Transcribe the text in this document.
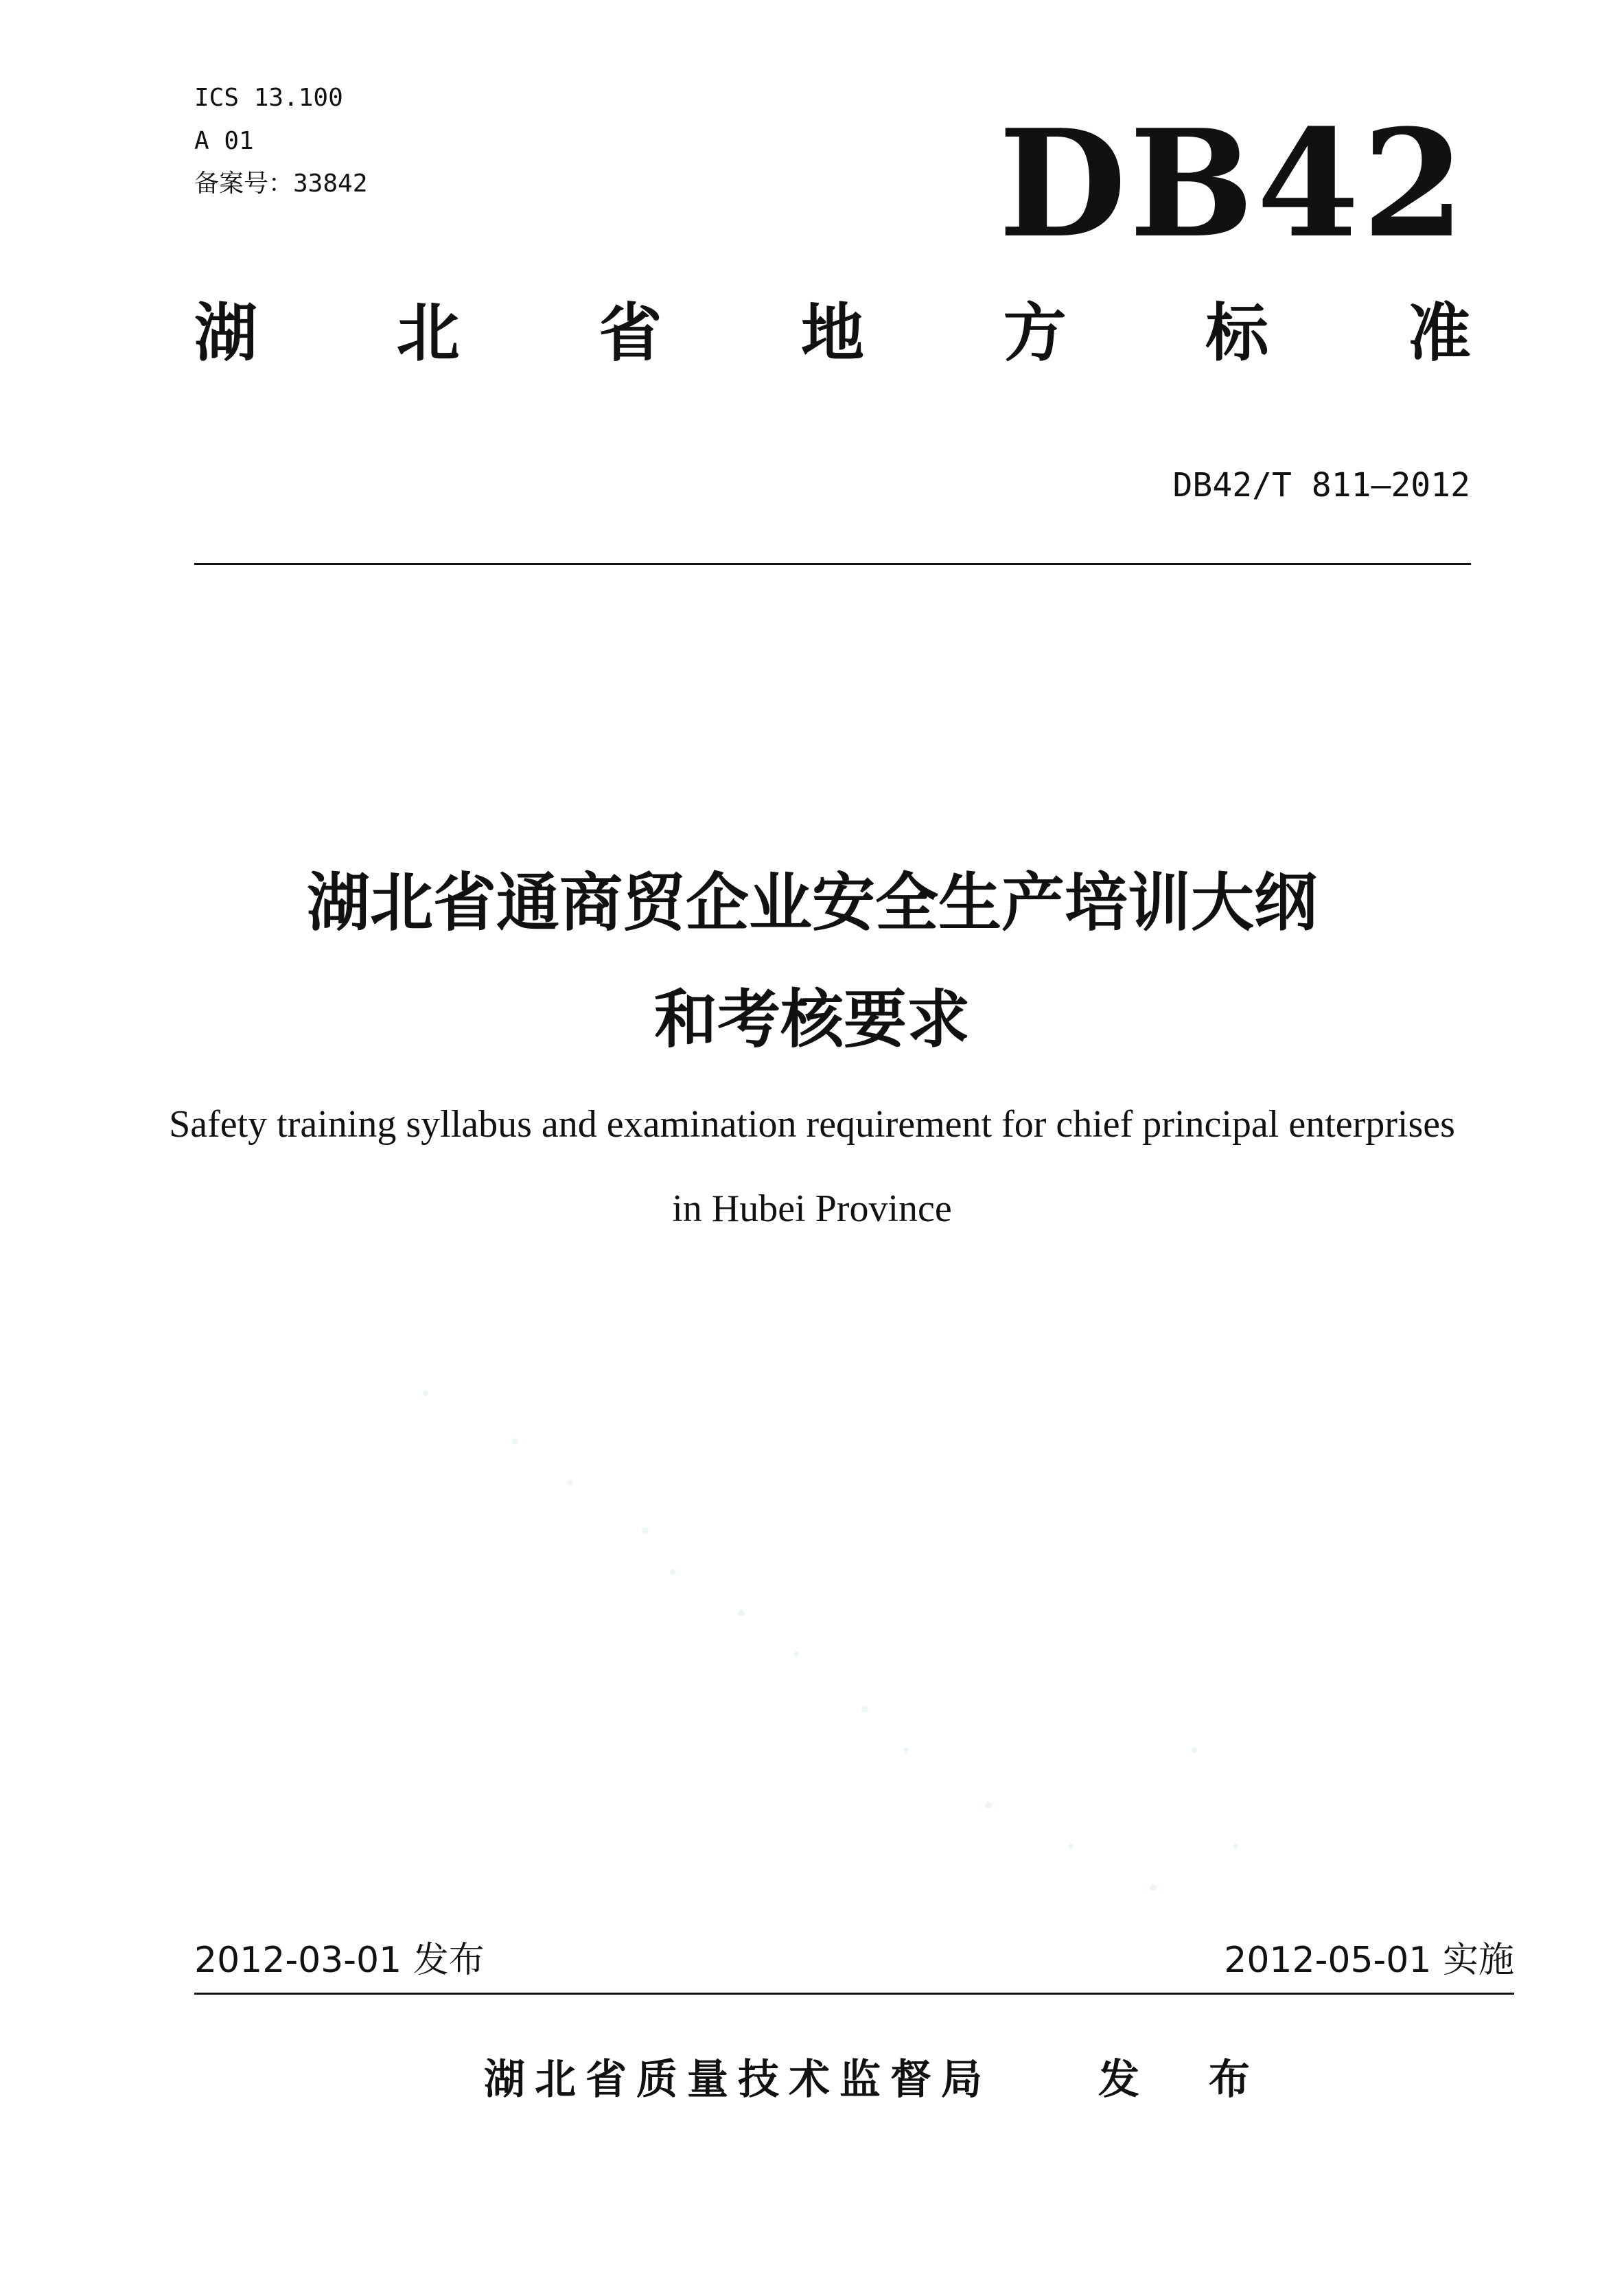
ICS 13.100
A 01
备案号：33842	DB42
湖 北 省 地 方 标 准
DB42/T 811—2012
湖北省通商贸企业安全生产培训大纲
和考核要求
Safety training syllabus and examination requirement for chief principal enterprises
in Hubei Province
2012-03-01 发布	2012-05-01 实施
湖北省质量技术监督局	发 布
